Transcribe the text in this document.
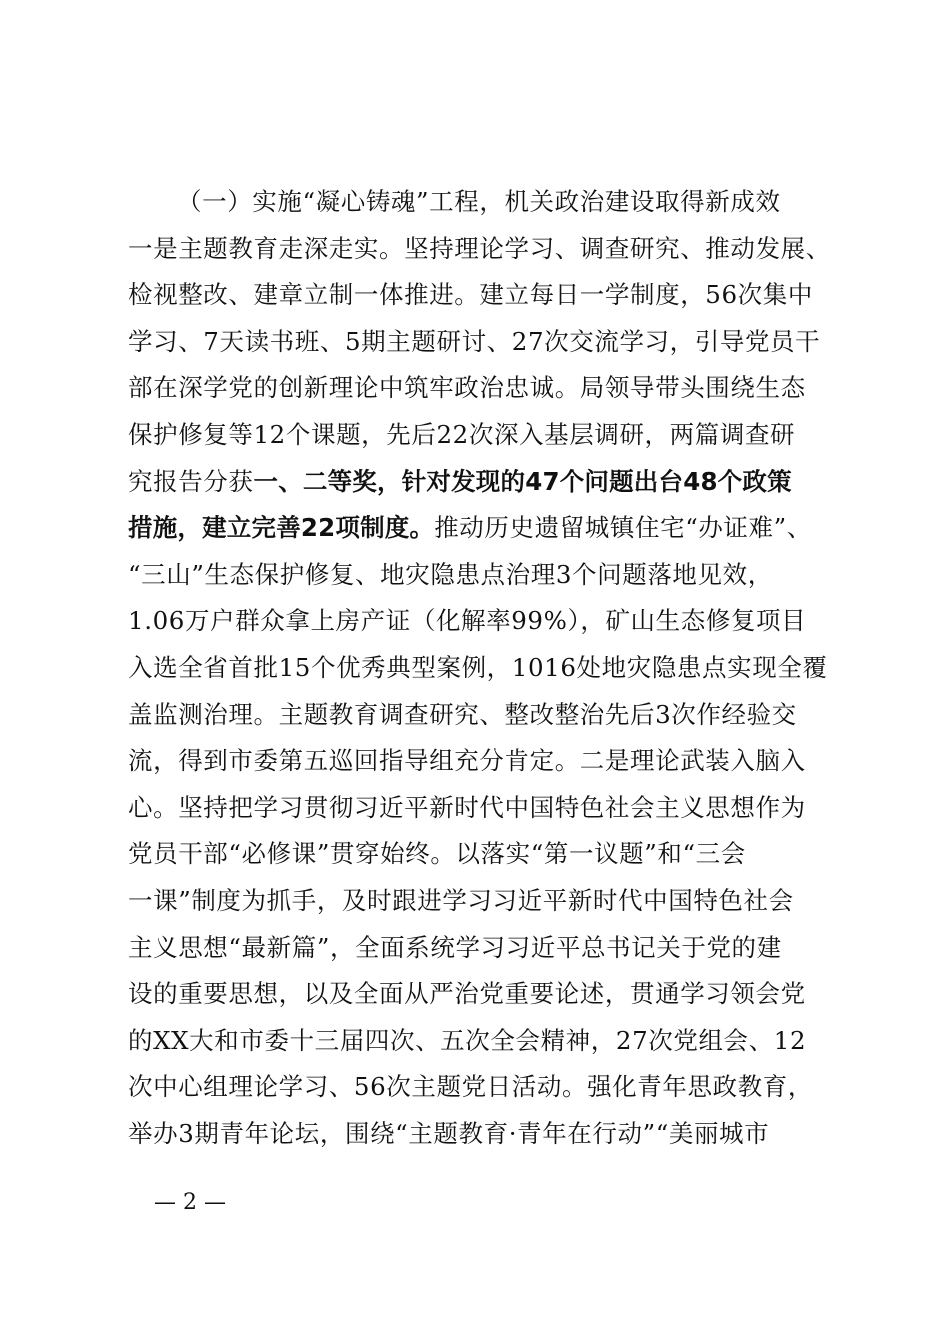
（一）实施“凝心铸魂”工程，机关政治建设取得新成效
一是主题教育走深走实。坚持理论学习、调查研究、推动发展、
检视整改、建章立制一体推进。建立每日一学制度，56次集中
学习、7天读书班、5期主题研讨、27次交流学习，引导党员干
部在深学党的创新理论中筑牢政治忠诚。局领导带头围绕生态
保护修复等12个课题，先后22次深入基层调研，两篇调查研
究报告分获一、二等奖，针对发现的47个问题出台48个政策
措施，建立完善22项制度。推动历史遗留城镇住宅“办证难”、
“三山”生态保护修复、地灾隐患点治理3个问题落地见效，
1.06万户群众拿上房产证（化解率99%），矿山生态修复项目
入选全省首批15个优秀典型案例，1016处地灾隐患点实现全覆
盖监测治理。主题教育调查研究、整改整治先后3次作经验交
流，得到市委第五巡回指导组充分肯定。二是理论武装入脑入
心。坚持把学习贯彻习近平新时代中国特色社会主义思想作为
党员干部“必修课”贯穿始终。以落实“第一议题”和“三会
一课”制度为抓手，及时跟进学习习近平新时代中国特色社会
主义思想“最新篇”，全面系统学习习近平总书记关于党的建
设的重要思想，以及全面从严治党重要论述，贯通学习领会党
的XX大和市委十三届四次、五次全会精神，27次党组会、12
次中心组理论学习、56次主题党日活动。强化青年思政教育，
举办3期青年论坛，围绕“主题教育·青年在行动”“美丽城市
— 2 —
